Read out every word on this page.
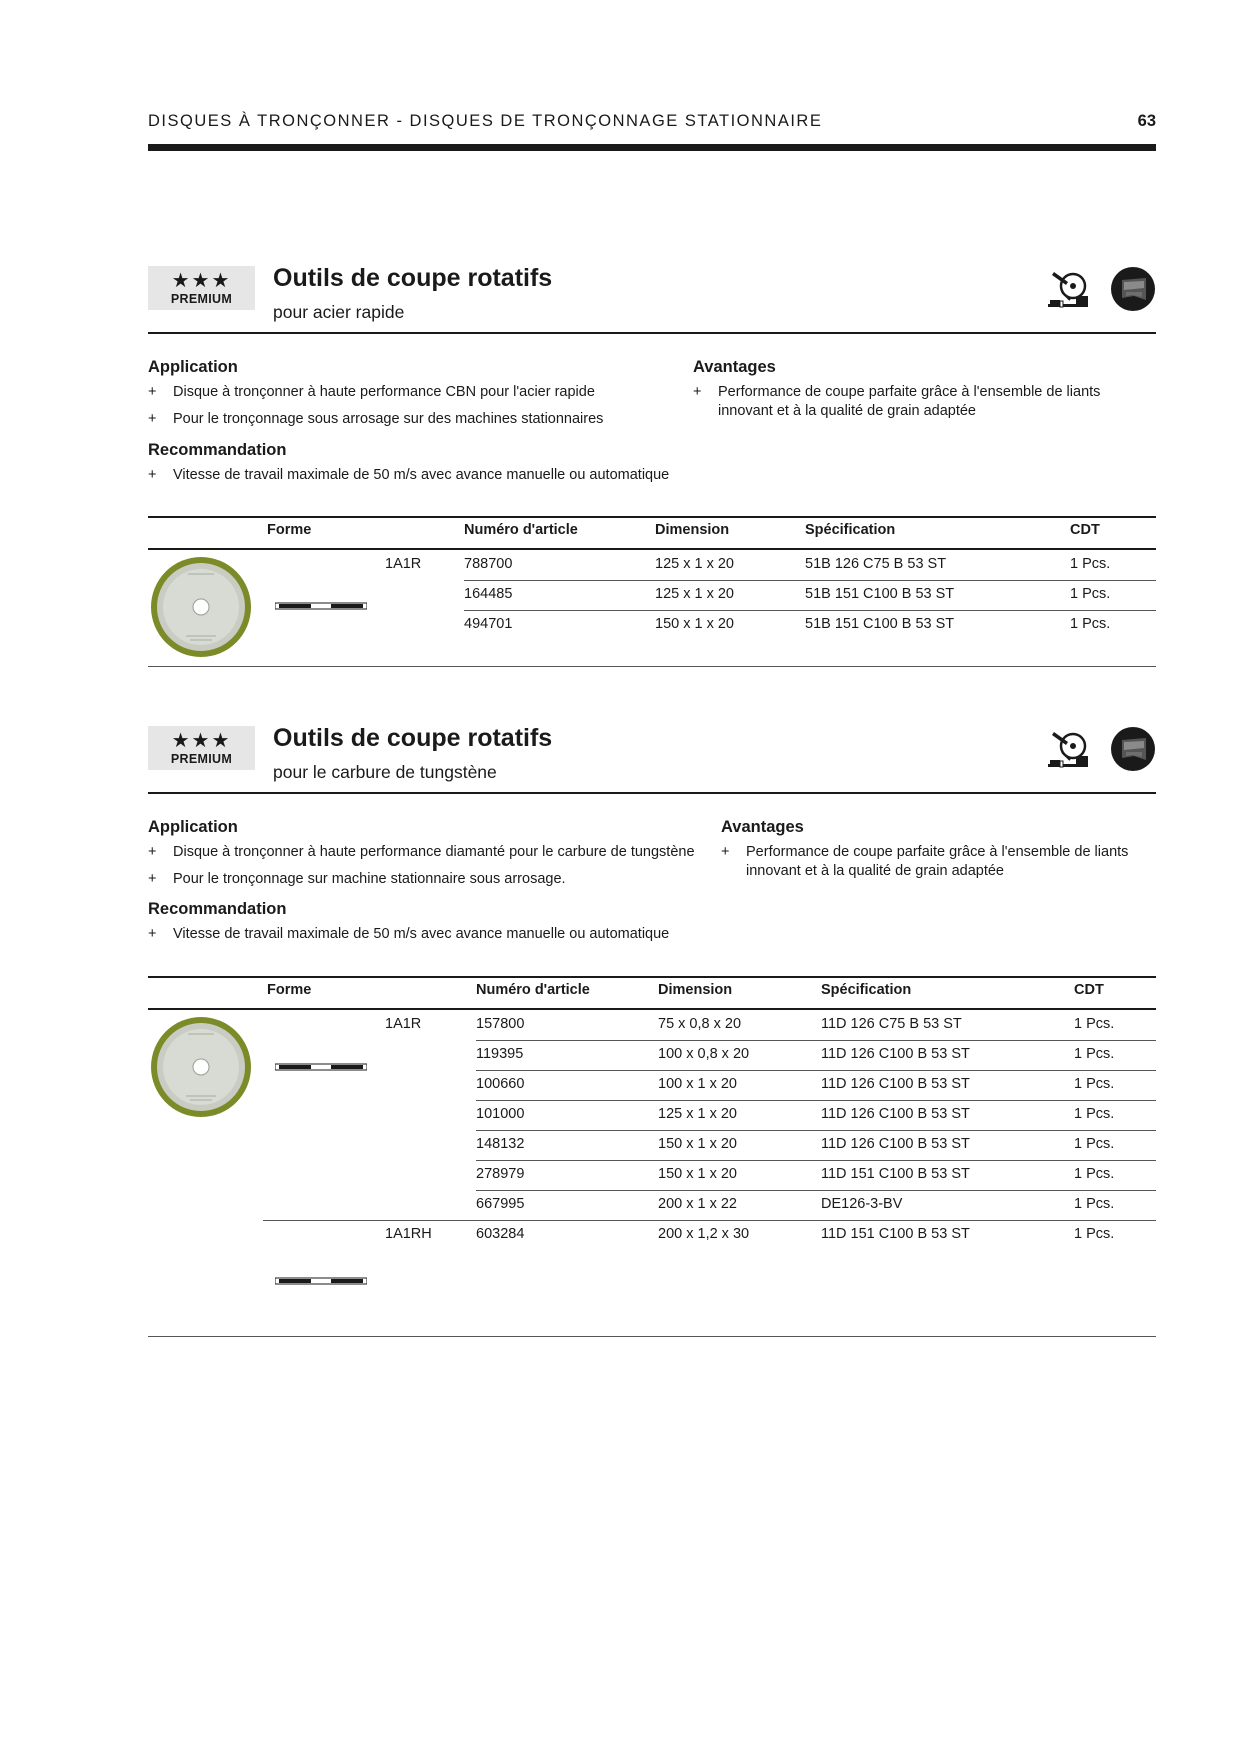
DISQUES À TRONÇONNER - DISQUES DE TRONÇONNAGE STATIONNAIRE	63
★★★
PREMIUM
Outils de coupe rotatifs
pour acier rapide
Application
+ Disque à tronçonner à haute performance CBN pour l'acier rapide
+ Pour le tronçonnage sous arrosage sur des machines stationnaires
Avantages
+ Performance de coupe parfaite grâce à l'ensemble de liants
innovant et à la qualité de grain adaptée
Recommandation
+ Vitesse de travail maximale de 50 m/s avec avance manuelle ou automatique
Forme	Numéro d'article	Dimension	Spécification	CDT
1A1R	788700	125 x 1 x 20	51B 126 C75 B 53 ST	1 Pcs.
164485	125 x 1 x 20	51B 151 C100 B 53 ST	1 Pcs.
494701	150 x 1 x 20	51B 151 C100 B 53 ST	1 Pcs.
★★★
PREMIUM
Outils de coupe rotatifs
pour le carbure de tungstène
Application
+ Disque à tronçonner à haute performance diamanté pour le carbure de tungstène
+ Pour le tronçonnage sur machine stationnaire sous arrosage.
Avantages
+ Performance de coupe parfaite grâce à l'ensemble de liants
innovant et à la qualité de grain adaptée
Recommandation
+ Vitesse de travail maximale de 50 m/s avec avance manuelle ou automatique
Forme	Numéro d'article	Dimension	Spécification	CDT
1A1R	157800	75 x 0,8 x 20	11D 126 C75 B 53 ST	1 Pcs.
119395	100 x 0,8 x 20	11D 126 C100 B 53 ST	1 Pcs.
100660	100 x 1 x 20	11D 126 C100 B 53 ST	1 Pcs.
101000	125 x 1 x 20	11D 126 C100 B 53 ST	1 Pcs.
148132	150 x 1 x 20	11D 126 C100 B 53 ST	1 Pcs.
278979	150 x 1 x 20	11D 151 C100 B 53 ST	1 Pcs.
667995	200 x 1 x 22	DE126-3-BV	1 Pcs.
1A1RH	603284	200 x 1,2 x 30	11D 151 C100 B 53 ST	1 Pcs.
